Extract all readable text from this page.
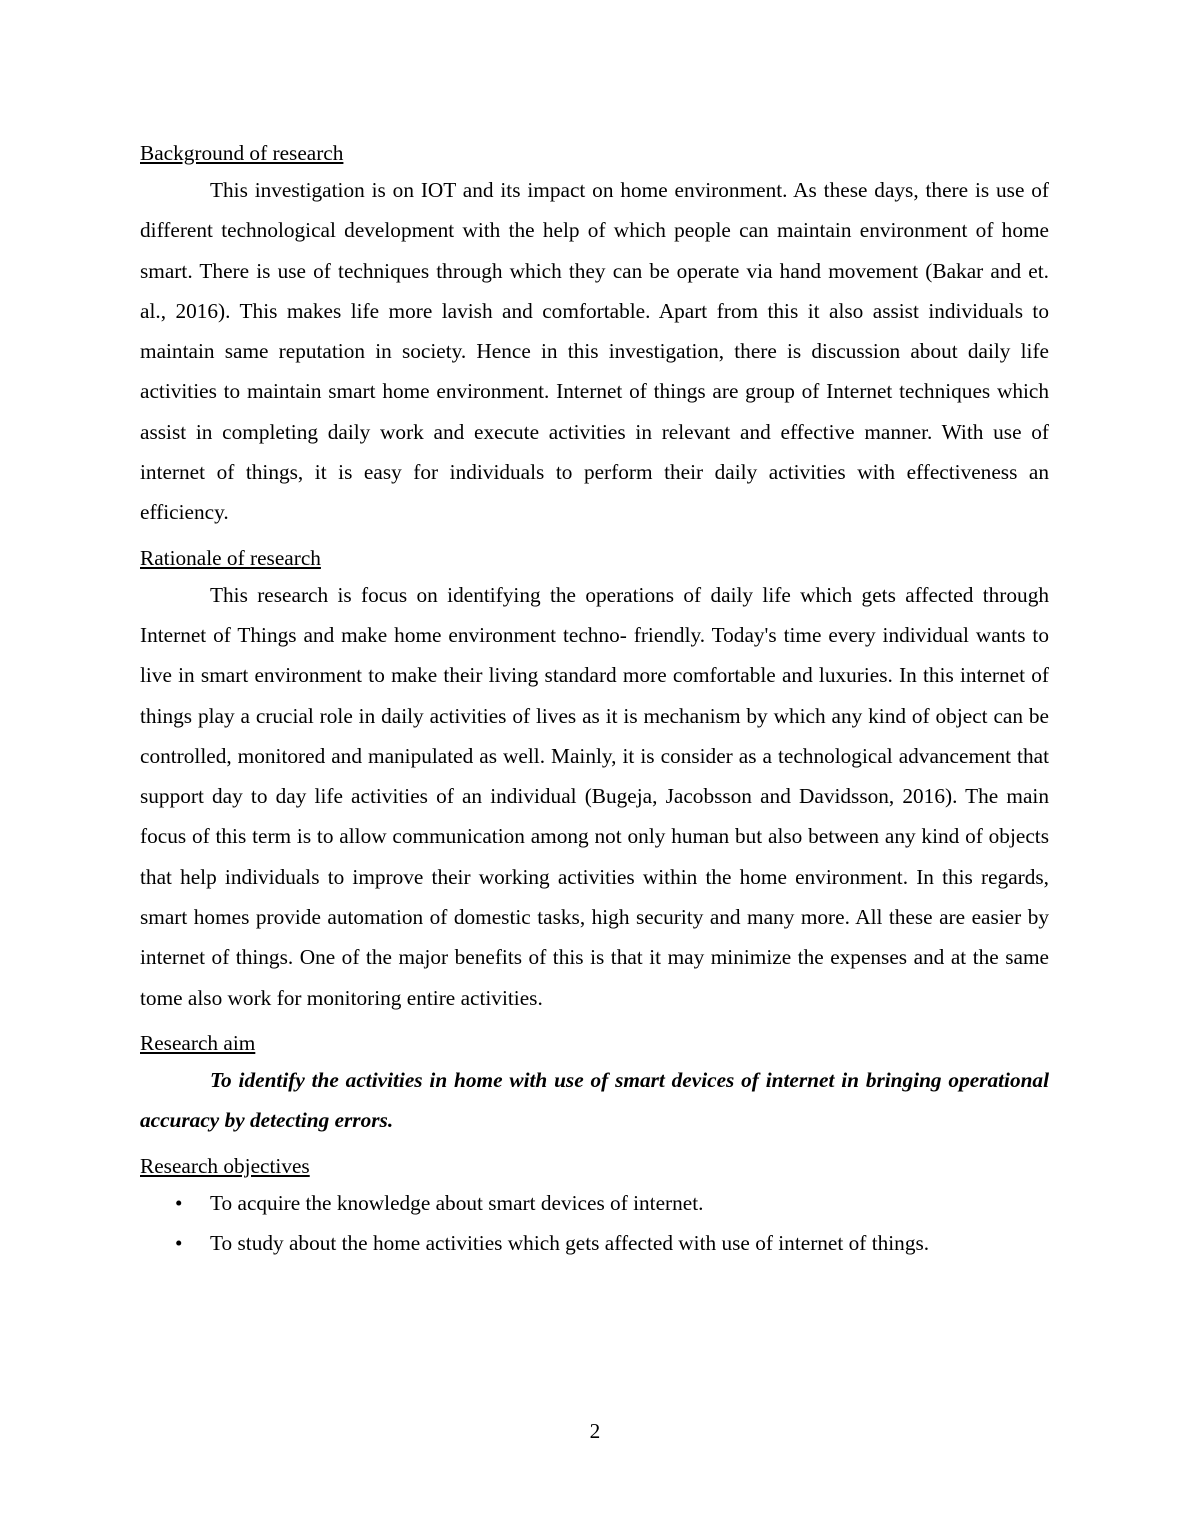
Background of research

This investigation is on IOT and its impact on home environment. As these days, there is use of different technological development with the help of which people can maintain environment of home smart. There is use of techniques through which they can be operate via hand movement (Bakar and et. al., 2016). This makes life more lavish and comfortable. Apart from this it also assist individuals to maintain same reputation in society. Hence in this investigation, there is discussion about daily life activities to maintain smart home environment. Internet of things are group of Internet techniques which assist in completing daily work and execute activities in relevant and effective manner. With use of internet of things, it is easy for individuals to perform their daily activities with effectiveness an efficiency.

Rationale of research

This research is focus on identifying the operations of daily life which gets affected through Internet of Things and make home environment techno- friendly. Today's time every individual wants to live in smart environment to make their living standard more comfortable and luxuries. In this internet of things play a crucial role in daily activities of lives as it is mechanism by which any kind of object can be controlled, monitored and manipulated as well. Mainly, it is consider as a technological advancement that support day to day life activities of an individual (Bugeja, Jacobsson and Davidsson, 2016). The main focus of this term is to allow communication among not only human but also between any kind of objects that help individuals to improve their working activities within the home environment. In this regards, smart homes provide automation of domestic tasks, high security and many more. All these are easier by internet of things. One of the major benefits of this is that it may minimize the expenses and at the same tome also work for monitoring entire activities.

Research aim

To identify the activities in home with use of smart devices of internet in bringing operational accuracy by detecting errors.

Research objectives

• To acquire the knowledge about smart devices of internet.
• To study about the home activities which gets affected with use of internet of things.
2
